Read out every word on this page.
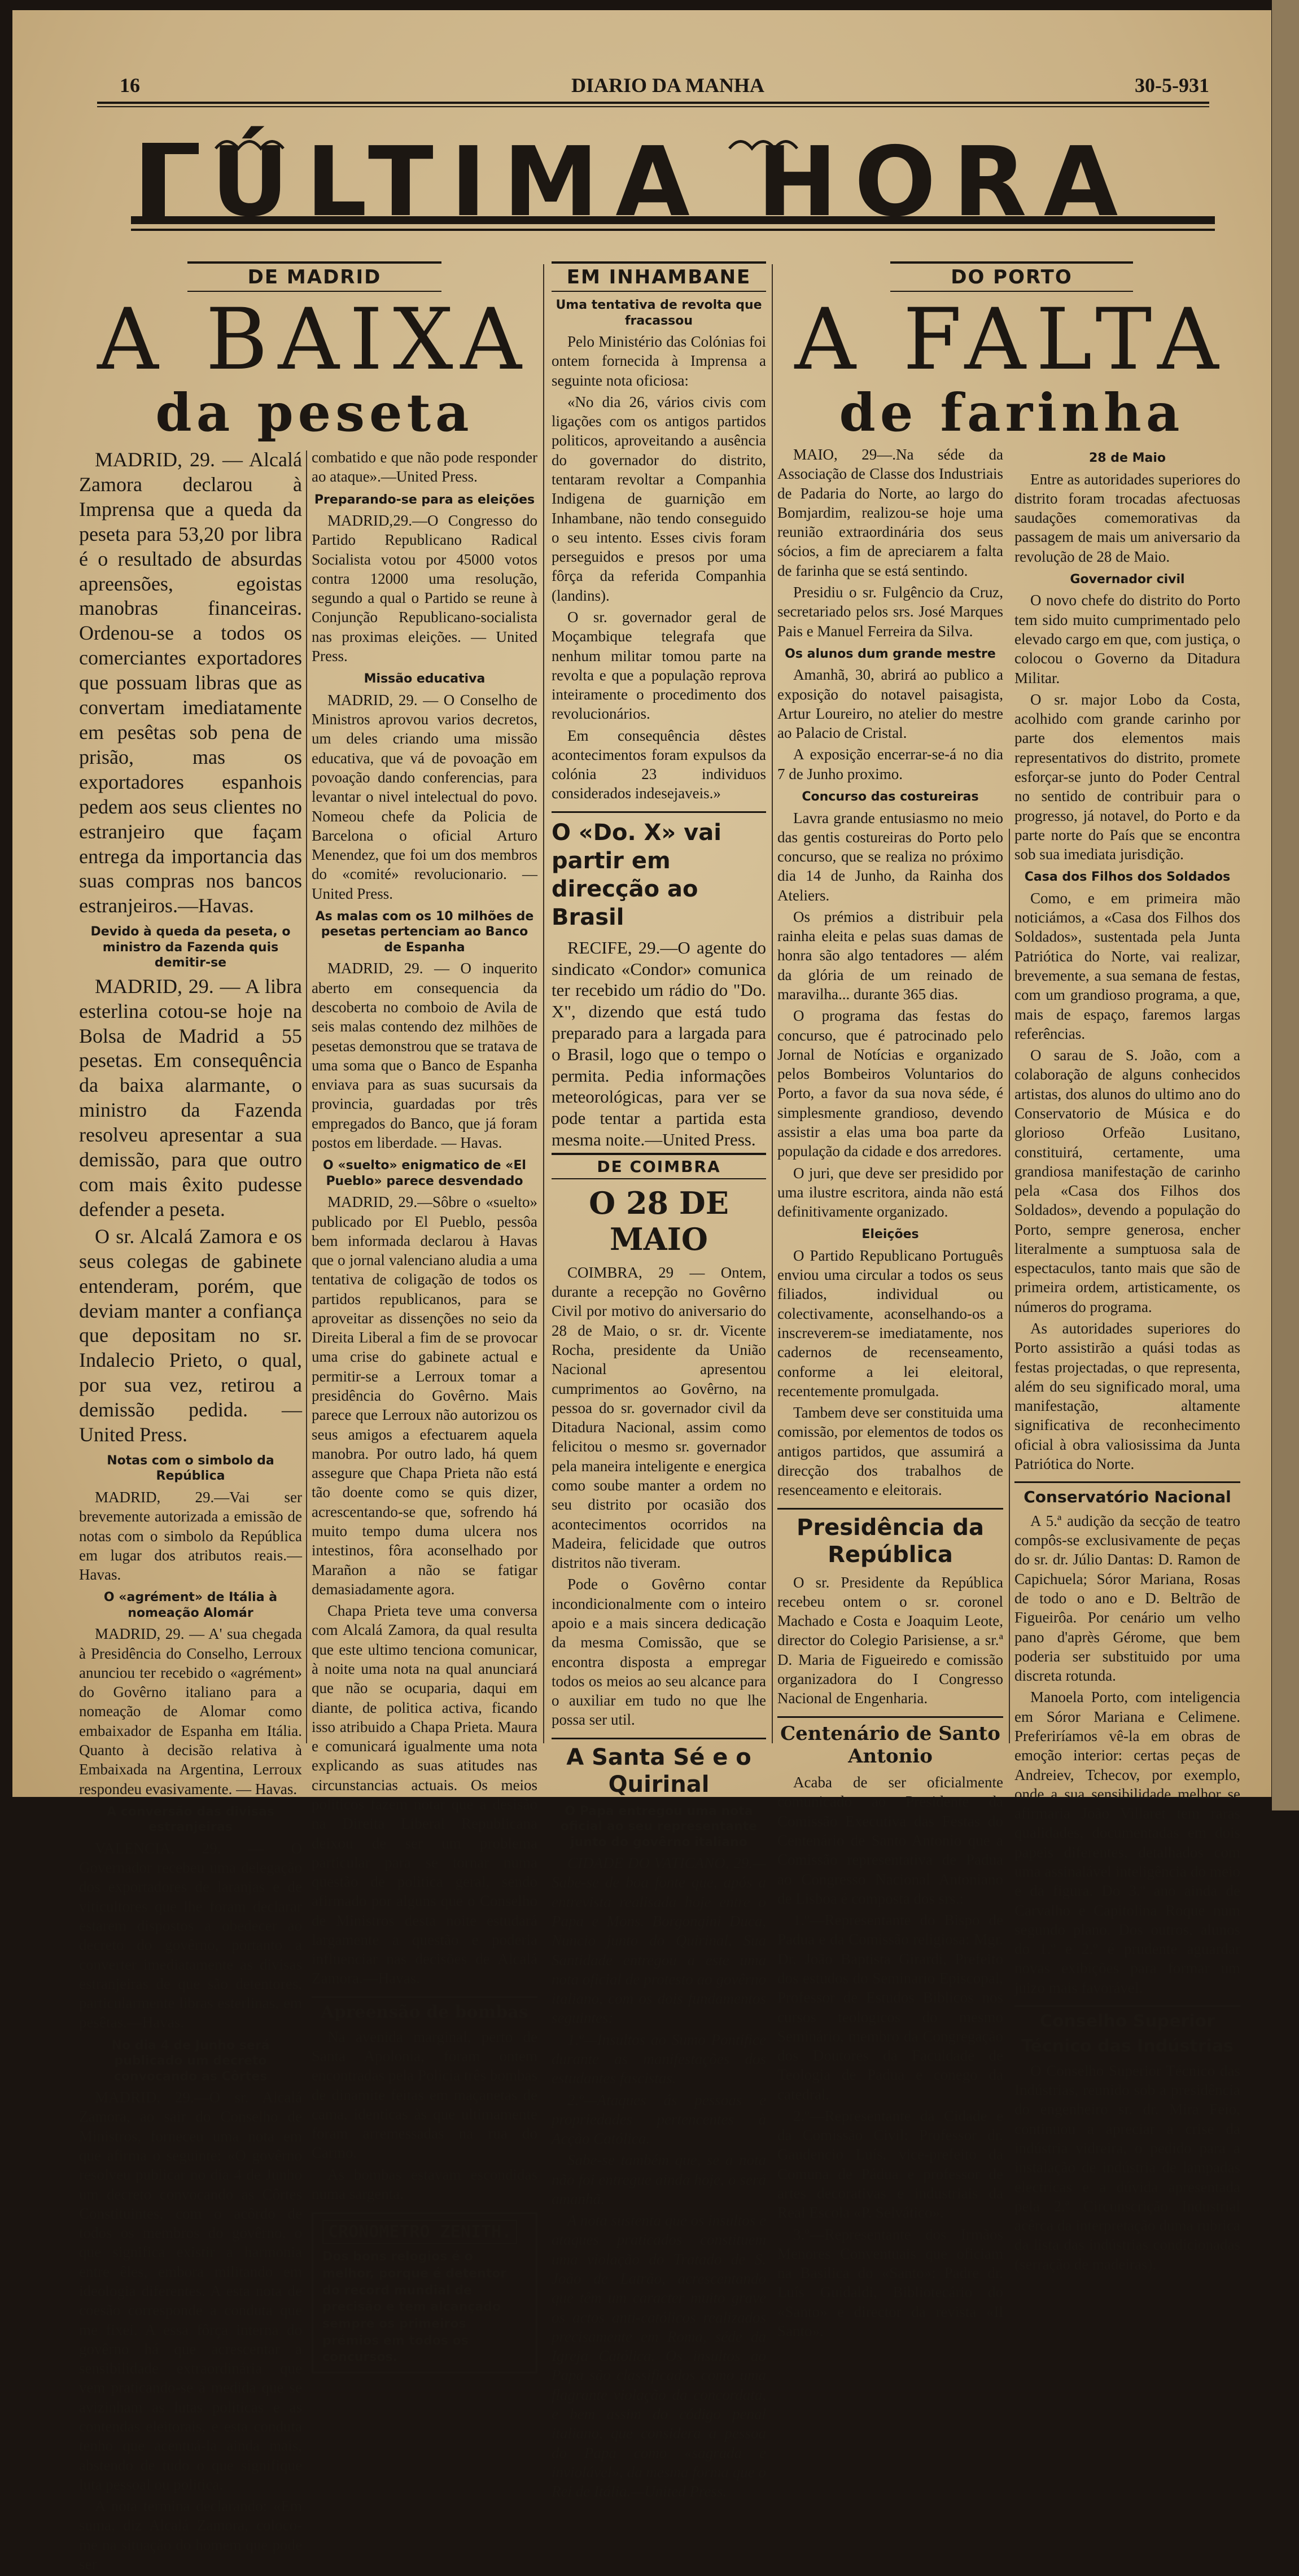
16	DIARIO DA MANHA	30-5-931
ÚLTIMA HORA
DE MADRID
A BAIXA
da peseta

MADRID, 29. — Alcalá Zamora declarou à Imprensa que a queda da peseta para 53,20 por libra é o resultado de absurdas apreensões, egoistas manobras financeiras. Ordenou-se a todos os comerciantes exportadores que possuam libras que as convertam imediatamente em pesêtas sob pena de prisão, mas os exportadores espanhois pedem aos seus clientes no estranjeiro que façam entrega da importancia das suas compras nos bancos estranjeiros.—Havas.

Devido à queda da peseta, o ministro da Fazenda quis demitir-se

MADRID, 29. — A libra esterlina cotou-se hoje na Bolsa de Madrid a 55 pesetas. Em consequência da baixa alarmante, o ministro da Fazenda resolveu apresentar a sua demissão, para que outro com mais êxito pudesse defender a peseta.

O sr. Alcalá Zamora e os seus colegas de gabinete entenderam, porém, que deviam manter a confiança que depositam no sr. Indalecio Prieto, o qual, por sua vez, retirou a demissão pedida. — United Press.

Notas com o simbolo da República

MADRID, 29.—Vai ser brevemente autorizada a emissão de notas com o simbolo da República em lugar dos atributos reais.—Havas.

O «agrément» de Itália à nomeação Alomár

MADRID, 29. — A' sua chegada à Presidência do Conselho, Lerroux anunciou ter recebido o «agrément» do Govêrno italiano para a nomeação de Alomar como embaixador de Espanha em Itália. Quanto à decisão relativa à Embaixada na Argentina, Lerroux respondeu evasivamente. — Havas.

A conversão das divisas estranjeiras

VALENCIA, 29. — O Governador recebeu uma delegação dos exportadores de laranjas e de viticultores que lhe foram declarar estarem dispostos a obedecer ao decreto do govêrno, portanto a converter imediatamente as divisas estranjeiras de que são detentores, particularmente libras esterlinas, em pesêtas.—Havas.

No dia 4 de Junho será publicado um decreto convocando as Côrtes

MADRID, 29.—O sr. Alcalá Zamora, ao sair do Conselho de Ministros, forneceu uma nota em que afirma o seguinte: «O govêrno resolveu publicar no dia 4 de Junho um decreto convocando as Côrtes Constituintes, com o acôrdo de todos os membros do govêrno, o que significa existir a harmonia entre êles, embora militando em ideologia diferentes. A esta nota de coesão corresponde a conduta que me fixei. A essa fôrça interna do govêrno há que acrescentar a sensibilidade extraordinária que vem praticando-se à medida que se avizinham as lutas politicas e as contendas eleitorais, e esta conduta tenho que acentuá-la ainda mais, abstendo de tudo o que signifique luta pessoal ou politica.

A nota termina declarando: «Em suma, diz Alcalá Zamora, coloco-me na situação do homem que pode ser

combatido e que não pode responder ao ataque».—United Press.

Preparando-se para as eleições

MADRID,29.—O Congresso do Partido Republicano Radical Socialista votou por 45000 votos contra 12000 uma resolução, segundo a qual o Partido se reune à Conjunção Republicano-socialista nas proximas eleições. — United Press.

Missão educativa

MADRID, 29. — O Conselho de Ministros aprovou varios decretos, um deles criando uma missão educativa, que vá de povoação em povoação dando conferencias, para levantar o nivel intelectual do povo. Nomeou chefe da Policia de Barcelona o oficial Arturo Menendez, que foi um dos membros do «comité» revolucionario. — United Press.

As malas com os 10 milhões de pesetas pertenciam ao Banco de Espanha

MADRID, 29. — O inquerito aberto em consequencia da descoberta no comboio de Avila de seis malas contendo dez milhões de pesetas demonstrou que se tratava de uma soma que o Banco de Espanha enviava para as suas sucursais da provincia, guardadas por três empregados do Banco, que já foram postos em liberdade. — Havas.

O «suelto» enigmatico de «El Pueblo» parece desvendado

MADRID, 29.—Sôbre o «suelto» publicado por El Pueblo, pessôa bem informada declarou à Havas que o jornal valenciano aludia a uma tentativa de coligação de todos os partidos republicanos, para se aproveitar as dissenções no seio da Direita Liberal a fim de se provocar uma crise do gabinete actual e permitir-se a Lerroux tomar a presidência do Govêrno. Mais parece que Lerroux não autorizou os seus amigos a efectuarem aquela manobra. Por outro lado, há quem assegure que Chapa Prieta não está tão doente como se quis dizer, acrescentando-se que, sofrendo há muito tempo duma ulcera nos intestinos, fôra aconselhado por Marañon a não se fatigar demasiadamente agora.

Chapa Prieta teve uma conversa com Alcalá Zamora, da qual resulta que este ultimo tenciona comunicar, à noite uma nota na qual anunciará que não se ocuparia, daqui em diante, de politica activa, ficando isso atribuido a Chapa Prieta. Maura e comunicará igualmente uma nota explicando as suas atitudes nas circunstancias actuais. Os meios politicos fazem notar que a desisão na Direita Liberal Republicana deixou de ser um problema particular para se tornar numa questão de politica geral, sendo afirmado por alguns que o Conselho de Ministros desta noite estudará largamente a questão e poderia influenciar nas decisões de Alcalá Zamora.—Havas.

Apreensão de bombas

Na avenida marginal, perto de Santa Apolonia, foram ontem encontradas pela Policia três bombas de dinamite feitas em maçanetas de cama, identicas às que ultimamente foram arremessadas na rua do Carmo.

As bombas estavam escondidas numa sargenta.

CRONOMETRO ZENITH.

Dos bons relogios é o melhor, porque é detentor do record mundial de precisão e tem alcançado sempre os primeiros prémios em todos os concursos.

EM INHAMBANE
Uma tentativa de revolta que fracassou

Pelo Ministério das Colónias foi ontem fornecida à Imprensa a seguinte nota oficiosa:

«No dia 26, vários civis com ligações com os antigos partidos politicos, aproveitando a ausência do governador do distrito, tentaram revoltar a Companhia Indigena de guarnição em Inhambane, não tendo conseguido o seu intento. Esses civis foram perseguidos e presos por uma fôrça da referida Companhia (landins).

O sr. governador geral de Moçambique telegrafa que nenhum militar tomou parte na revolta e que a população reprova inteiramente o procedimento dos revolucionários.

Em consequência dêstes acontecimentos foram expulsos da colónia 23 individuos considerados indesejaveis.»

O «Do. X» vai partir em direcção ao Brasil

RECIFE, 29.—O agente do sindicato «Condor» comunica ter recebido um rádio do "Do. X", dizendo que está tudo preparado para a largada para o Brasil, logo que o tempo o permita. Pedia informações meteorológicas, para ver se pode tentar a partida esta mesma noite.—United Press.

DE COIMBRA
O 28 DE MAIO

COIMBRA, 29 — Ontem, durante a recepção no Govêrno Civil por motivo do aniversario do 28 de Maio, o sr. dr. Vicente Rocha, presidente da União Nacional apresentou cumprimentos ao Govêrno, na pessoa do sr. governador civil da Ditadura Nacional, assim como felicitou o mesmo sr. governador pela maneira inteligente e energica como soube manter a ordem no seu distrito por ocasião dos acontecimentos ocorridos na Madeira, felicidade que outros distritos não tiveram.

Pode o Govêrno contar incondicionalmente com o inteiro apoio e a mais sincera dedicação da mesma Comissão, que se encontra disposta a empregar todos os meios ao seu alcance para o auxiliar em tudo no que lhe possa ser util.

A Santa Sé e o Quirinal
O Papa entregou uma nota oficial ao seu representante junto do govêrno italiano

CIDADE DO VATICANO, 29.—Sabe-se de boa fonte que, após a entrevista realisada hoje entre o Papa e Mons. Borgongini Duca, Nuncio junto do Quirinal, Sua Santidade entregou a este uma nota oficial de protesto ao govêrno italiano, com os dois fundamentos seguintes:

1.º—Insultos ao Sumo Pontifice durante as manifestações dos estudantes fascistas.

2.º—Ataques ás pessoas e propriedades pertencentes à Acção Católica.

Sabe-se também que, se a nota não foi entregue ainda hoje, o será amanhã.

A nota sustenta que os insultos e ataques praticados constituem uma violação do Tratado de S. João de Latrão, acrescentando que têm um caracter muito grave os actos anti-católicos realizados precisamente em Roma, séde da Igreja Católica. Os insultos ao Papa são classificados como uma flagrante violação da concordata, e bem assim do código penal italiano, que considera a pessoa do Papa como «sagrada e inviolável», da mesma forma que o Rei de Itália.—United Press.

DO PORTO
A FALTA
de farinha

MAIO, 29—.Na séde da Associação de Classe dos Industriais de Padaria do Norte, ao largo do Bomjardim, realizou-se hoje uma reunião extraordinária dos seus sócios, a fim de apreciarem a falta de farinha que se está sentindo.

Presidiu o sr. Fulgêncio da Cruz, secretariado pelos srs. José Marques Pais e Manuel Ferreira da Silva.

Os alunos dum grande mestre

Amanhã, 30, abrirá ao publico a exposição do notavel paisagista, Artur Loureiro, no atelier do mestre ao Palacio de Cristal.

A exposição encerrar-se-á no dia 7 de Junho proximo.

Concurso das costureiras

Lavra grande entusiasmo no meio das gentis costureiras do Porto pelo concurso, que se realiza no próximo dia 14 de Junho, da Rainha dos Ateliers.

Os prémios a distribuir pela rainha eleita e pelas suas damas de honra são algo tentadores — além da glória de um reinado de maravilha... durante 365 dias.

O programa das festas do concurso, que é patrocinado pelo Jornal de Notícias e organizado pelos Bombeiros Voluntarios do Porto, a favor da sua nova séde, é simplesmente grandioso, devendo assistir a elas uma boa parte da população da cidade e dos arredores.

O juri, que deve ser presidido por uma ilustre escritora, ainda não está definitivamente organizado.

Eleições

O Partido Republicano Português enviou uma circular a todos os seus filiados, individual ou colectivamente, aconselhando-os a inscreverem-se imediatamente, nos cadernos de recenseamento, conforme a lei eleitoral, recentemente promulgada.

Tambem deve ser constituida uma comissão, por elementos de todos os antigos partidos, que assumirá a direcção dos trabalhos de resenceamento e eleitorais.

Presidência da República

O sr. Presidente da República recebeu ontem o sr. coronel Machado e Costa e Joaquim Leote, director do Colegio Parisiense, a sr.ª D. Maria de Figueiredo e comissão organizadora do I Congresso Nacional de Engenharia.

Centenário de Santo Antonio

Acaba de ser oficialmente comunicado ao Presidente da Comissão Executiva das Festas do Centenário de Santo Antonio que a Comissão representativa de Padua ao Congresso Nacional Antoniano de Lisboa é composta dos srs.:

1.º—Representante do Bispo de Padua e da Comissão religiosa: Mgr. Dr. João Baptista Girardi, Prefeito dos estudos do Seminario Episcopal, Professor de Estudos Biblicos nos cursos teologicos do mesmo Seminário, membro da Congregação dos Doutores da Faculdade de Teologia de Padua e conego da catedral.

2.º—Representante da Cidade e da Comissão Civil: Professor dr. Gaudencio Luís, vice-prefeito da Comuna de Pádua e professor de artes decorativas e industriais da Real Escola «P. Selvático».

3.º—Representante dos Irmãos Menores Conventuais que oficiam na Basilica do «Santo»: Padre dr. Luís Guidaldi, Bibliotecário do «Santo» e director da revista «Il Santo».

28 de Maio

Entre as autoridades superiores do distrito foram trocadas afectuosas saudações comemorativas da passagem de mais um aniversario da revolução de 28 de Maio.

Governador civil

O novo chefe do distrito do Porto tem sido muito cumprimentado pelo elevado cargo em que, com justiça, o colocou o Governo da Ditadura Militar.

O sr. major Lobo da Costa, acolhido com grande carinho por parte dos elementos mais representativos do distrito, promete esforçar-se junto do Poder Central no sentido de contribuir para o progresso, já notavel, do Porto e da parte norte do País que se encontra sob sua imediata jurisdição.

Casa dos Filhos dos Soldados

Como, e em primeira mão noticiámos, a «Casa dos Filhos dos Soldados», sustentada pela Junta Patriótica do Norte, vai realizar, brevemente, a sua semana de festas, com um grandioso programa, a que, mais de espaço, faremos largas referências.

O sarau de S. João, com a colaboração de alguns conhecidos artistas, dos alunos do ultimo ano do Conservatorio de Música e do glorioso Orfeão Lusitano, constituirá, certamente, uma grandiosa manifestação de carinho pela «Casa dos Filhos dos Soldados», devendo a população do Porto, sempre generosa, encher literalmente a sumptuosa sala de espectaculos, tanto mais que são de primeira ordem, artisticamente, os números do programa.

As autoridades superiores do Porto assistirão a quási todas as festas projectadas, o que representa, além do seu significado moral, uma manifestação, altamente significativa de reconhecimento oficial à obra valiosissima da Junta Patriótica do Norte.

Conservatório Nacional

A 5.ª audição da secção de teatro compôs-se exclusivamente de peças do sr. dr. Júlio Dantas: D. Ramon de Capichuela; Sóror Mariana, Rosas de todo o ano e D. Beltrão de Figueirôa. Por cenário um velho pano d'après Gérome, que bem poderia ser substituido por uma discreta rotunda.

Manoela Porto, com inteligencia em Sóror Mariana e Celimene. Preferiríamos vê-la em obras de emoção interior: certas peças de Andreiev, Tchecov, por exemplo, onde a sua sensibilidade melhor se afirmaria João Villaret tem raras qualidades, documentadas em dois papeis diferentes, detalhados com uma assinalável inteligência do meio e da figura. Do 3.º ano ainda de Carvalho e Capitolina Roque num segundo plano. Dos outros, alunos do 1.º e 2.º é prudente aguardar novas exibições para formar um juizo mais favorável.

Conselho Superior
Técnico das Indústrias

O Conselho Superior Técnico das Indústrias, reunido sob a presidência do engenheiro sr. dr. Mira Feio, continuou a apreciar a crise da indústria vidreira, o pedido para a instalação de indústria de lampadas electricas e a dúvida apresentada pela 2.ª Circunscrição Industrial acêrca da interpretação duma rubrica da lista das indústrias condicionadas (serração de madeiras).
